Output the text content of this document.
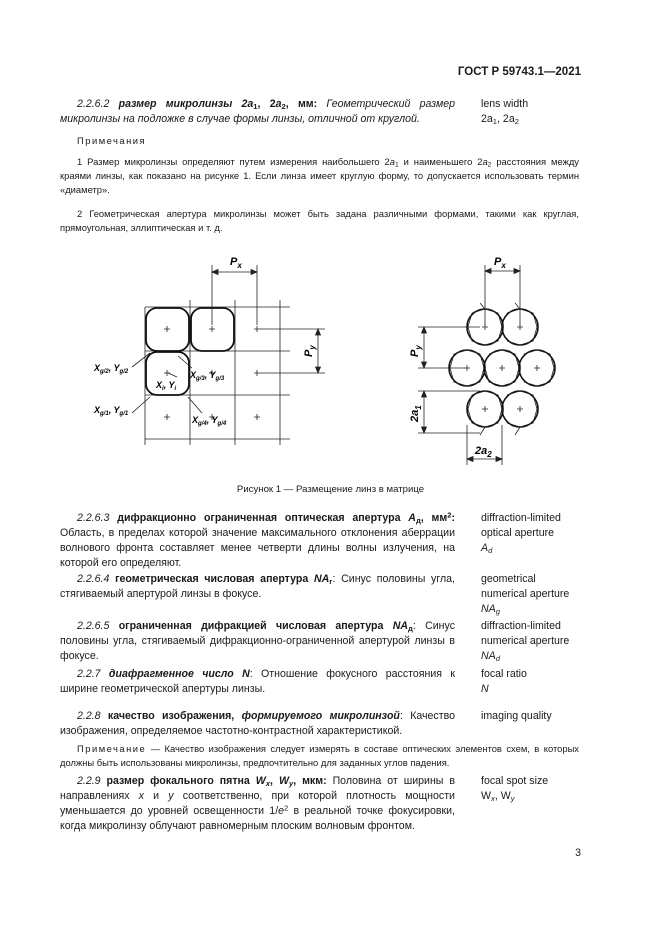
ГОСТ Р 59743.1—2021
2.2.6.2 размер микролинзы $2a_1$, $2a_2$, мм: Геометрический размер микролинзы на подложке в случае формы линзы, отличной от круглой.
lens width
$2a_1$, $2a_2$
Примечания
1 Размер микролинзы определяют путем измерения наибольшего $2a_1$ и наименьшего $2a_2$ расстояния между краями линзы, как показано на рисунке 1. Если линза имеет круглую форму, то допускается использовать термин «диаметр».
2 Геометрическая апертура микролинзы может быть задана различными формами, такими как круглая, прямоугольная, эллиптическая и т. д.
$P_x$
$P_y$
$X_{g/2}$, $Y_{g/2}$
$X_i$, $Y_i$
$X_{g/3}$, $Y_{g/3}$
$X_{g/1}$, $Y_{g/1}$
$X_{g/4}$, $Y_{g/4}$
$P_x$
$P_y$
$2a_1$
$2a_2$
Рисунок 1 — Размещение линз в матрице
2.2.6.3 дифракционно ограниченная оптическая апертура $A_д$, $мм^2$: Область, в пределах которой значение максимального отклонения аберрации волнового фронта составляет менее четверти длины волны излучения, на которой его определяют.
diffraction-limited
optical aperture
$A_d$
2.2.6.4 геометрическая числовая апертура $NA_г$: Синус половины угла, стягиваемый апертурой линзы в фокусе.
geometrical
numerical aperture
$NA_g$
2.2.6.5 ограниченная дифракцией числовая апертура $NA_д$: Синус половины угла, стягиваемый дифракционно-ограниченной апертурой линзы в фокусе.
diffraction-limited
numerical aperture
$NA_d$
2.2.7 диафрагменное число N: Отношение фокусного расстояния к ширине геометрической апертуры линзы.
focal ratio
N
2.2.8 качество изображения, формируемого микролинзой: Качество изображения, определяемое частотно-контрастной характеристикой.
imaging quality
Примечание — Качество изображения следует измерять в составе оптических элементов схем, в которых должны быть использованы микролинзы, предпочтительно для заданных углов падения.
2.2.9 размер фокального пятна $W_x$, $W_y$, мкм: Половина от ширины в направлениях x и y соответственно, при которой плотность мощности уменьшается до уровней освещенности $1/e^2$ в реальной точке фокусировки, когда микролинзу облучают равномерным плоским волновым фронтом.
focal spot size
$W_x$, $W_y$
3
